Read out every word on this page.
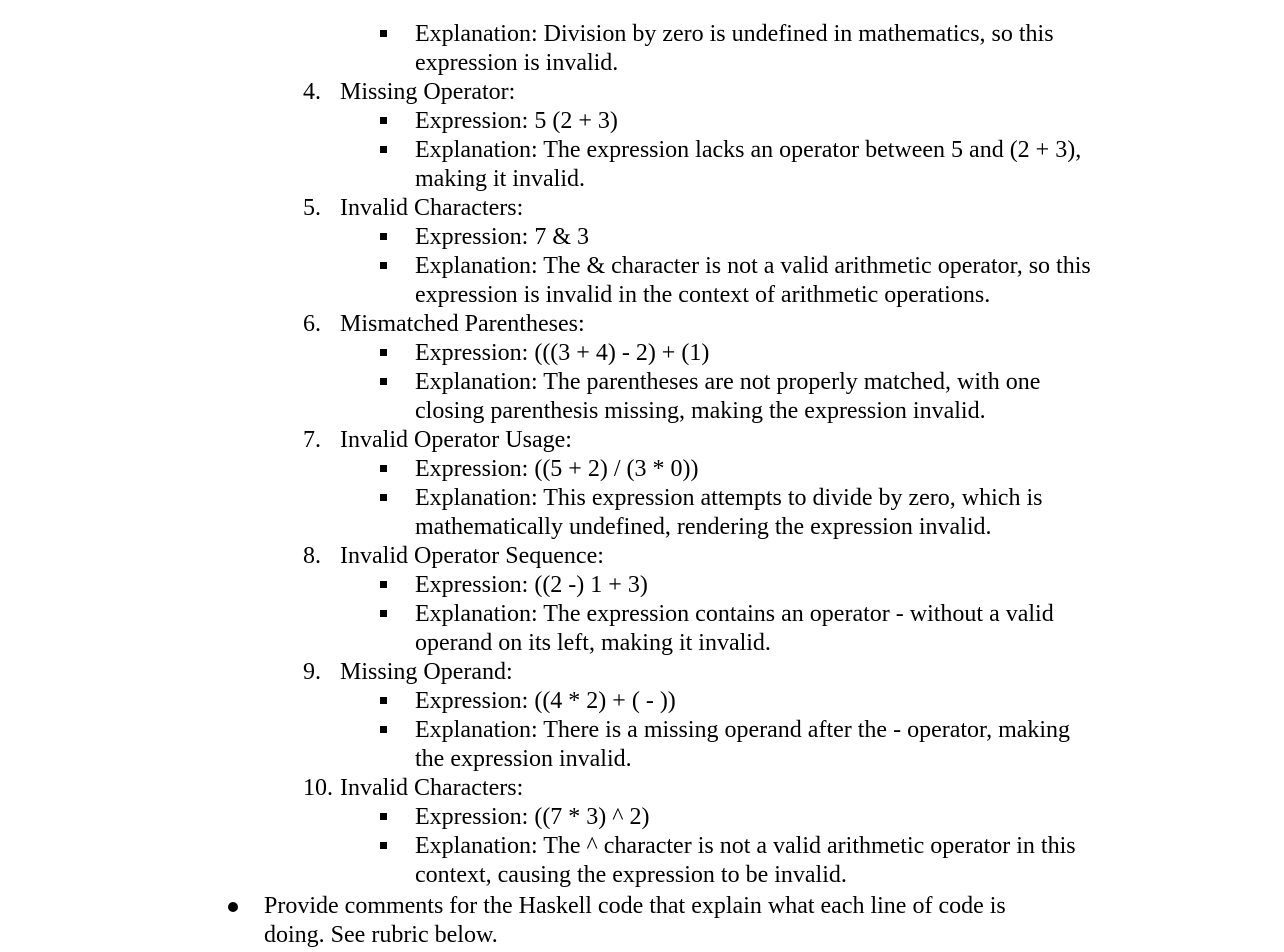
Explanation: Division by zero is undefined in mathematics, so this expression is invalid.
4. Missing Operator:
Expression: 5 (2 + 3)
Explanation: The expression lacks an operator between 5 and (2 + 3), making it invalid.
5. Invalid Characters:
Expression: 7 & 3
Explanation: The & character is not a valid arithmetic operator, so this expression is invalid in the context of arithmetic operations.
6. Mismatched Parentheses:
Expression: (((3 + 4) - 2) + (1)
Explanation: The parentheses are not properly matched, with one closing parenthesis missing, making the expression invalid.
7. Invalid Operator Usage:
Expression: ((5 + 2) / (3 * 0))
Explanation: This expression attempts to divide by zero, which is mathematically undefined, rendering the expression invalid.
8. Invalid Operator Sequence:
Expression: ((2 -) 1 + 3)
Explanation: The expression contains an operator - without a valid operand on its left, making it invalid.
9. Missing Operand:
Expression: ((4 * 2) + ( - ))
Explanation: There is a missing operand after the - operator, making the expression invalid.
10. Invalid Characters:
Expression: ((7 * 3) ^ 2)
Explanation: The ^ character is not a valid arithmetic operator in this context, causing the expression to be invalid.
Provide comments for the Haskell code that explain what each line of code is doing. See rubric below.
